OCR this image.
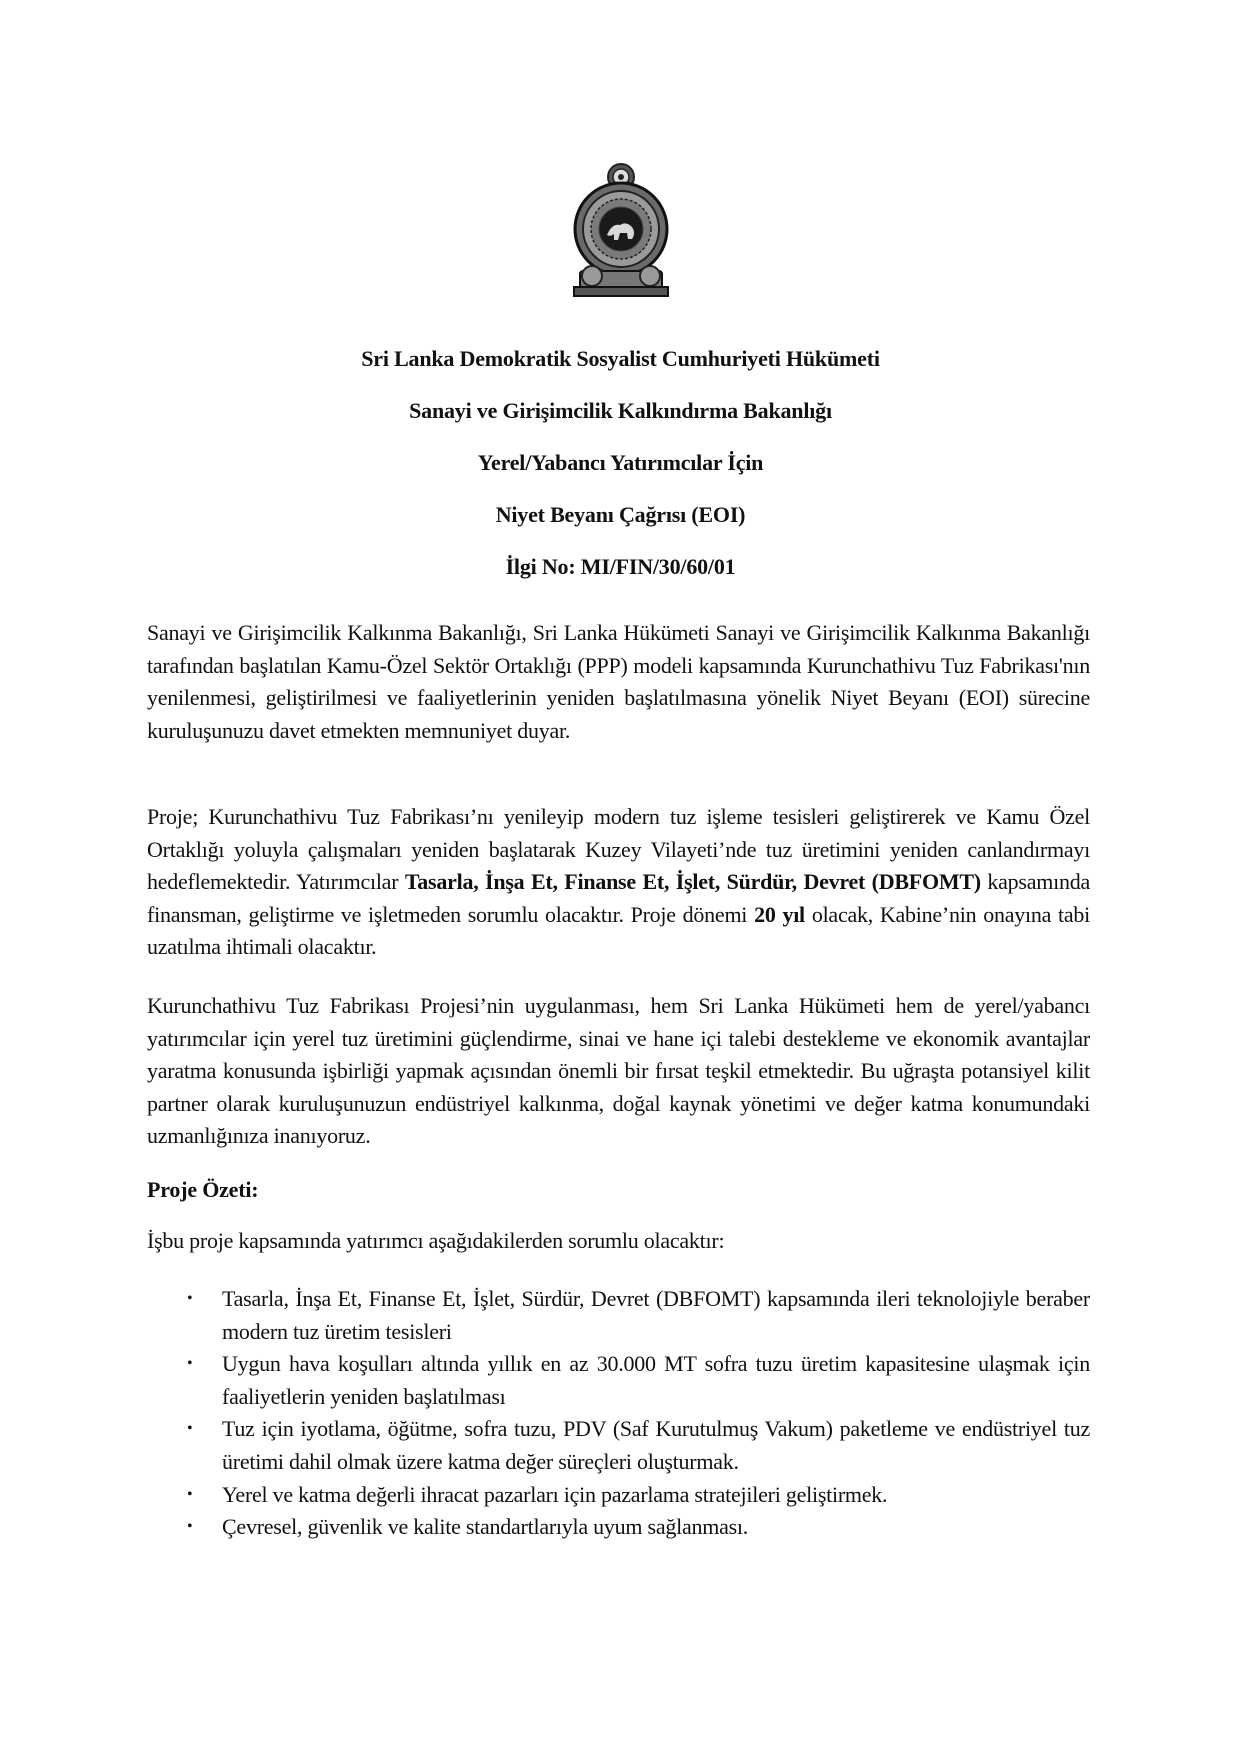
Sri Lanka Demokratik Sosyalist Cumhuriyeti Hükümeti
Sanayi ve Girişimcilik Kalkındırma Bakanlığı
Yerel/Yabancı Yatırımcılar İçin
Niyet Beyanı Çağrısı (EOI)
İlgi No: MI/FIN/30/60/01

Sanayi ve Girişimcilik Kalkınma Bakanlığı, Sri Lanka Hükümeti Sanayi ve Girişimcilik Kalkınma Bakanlığı tarafından başlatılan Kamu-Özel Sektör Ortaklığı (PPP) modeli kapsamında Kurunchathivu Tuz Fabrikası'nın yenilenmesi, geliştirilmesi ve faaliyetlerinin yeniden başlatılmasına yönelik Niyet Beyanı (EOI) sürecine kuruluşunuzu davet etmekten memnuniyet duyar.

Proje; Kurunchathivu Tuz Fabrikası’nı yenileyip modern tuz işleme tesisleri geliştirerek ve Kamu Özel Ortaklığı yoluyla çalışmaları yeniden başlatarak Kuzey Vilayeti’nde tuz üretimini yeniden canlandırmayı hedeflemektedir. Yatırımcılar Tasarla, İnşa Et, Finanse Et, İşlet, Sürdür, Devret (DBFOMT) kapsamında finansman, geliştirme ve işletmeden sorumlu olacaktır. Proje dönemi 20 yıl olacak, Kabine’nin onayına tabi uzatılma ihtimali olacaktır.

Kurunchathivu Tuz Fabrikası Projesi’nin uygulanması, hem Sri Lanka Hükümeti hem de yerel/yabancı yatırımcılar için yerel tuz üretimini güçlendirme, sinai ve hane içi talebi destekleme ve ekonomik avantajlar yaratma konusunda işbirliği yapmak açısından önemli bir fırsat teşkil etmektedir. Bu uğraşta potansiyel kilit partner olarak kuruluşunuzun endüstriyel kalkınma, doğal kaynak yönetimi ve değer katma konumundaki uzmanlığınıza inanıyoruz.

Proje Özeti:
İşbu proje kapsamında yatırımcı aşağıdakilerden sorumlu olacaktır:
• Tasarla, İnşa Et, Finanse Et, İşlet, Sürdür, Devret (DBFOMT) kapsamında ileri teknolojiyle beraber modern tuz üretim tesisleri
• Uygun hava koşulları altında yıllık en az 30.000 MT sofra tuzu üretim kapasitesine ulaşmak için faaliyetlerin yeniden başlatılması
• Tuz için iyotlama, öğütme, sofra tuzu, PDV (Saf Kurutulmuş Vakum) paketleme ve endüstriyel tuz üretimi dahil olmak üzere katma değer süreçleri oluşturmak.
• Yerel ve katma değerli ihracat pazarları için pazarlama stratejileri geliştirmek.
• Çevresel, güvenlik ve kalite standartlarıyla uyum sağlanması.
